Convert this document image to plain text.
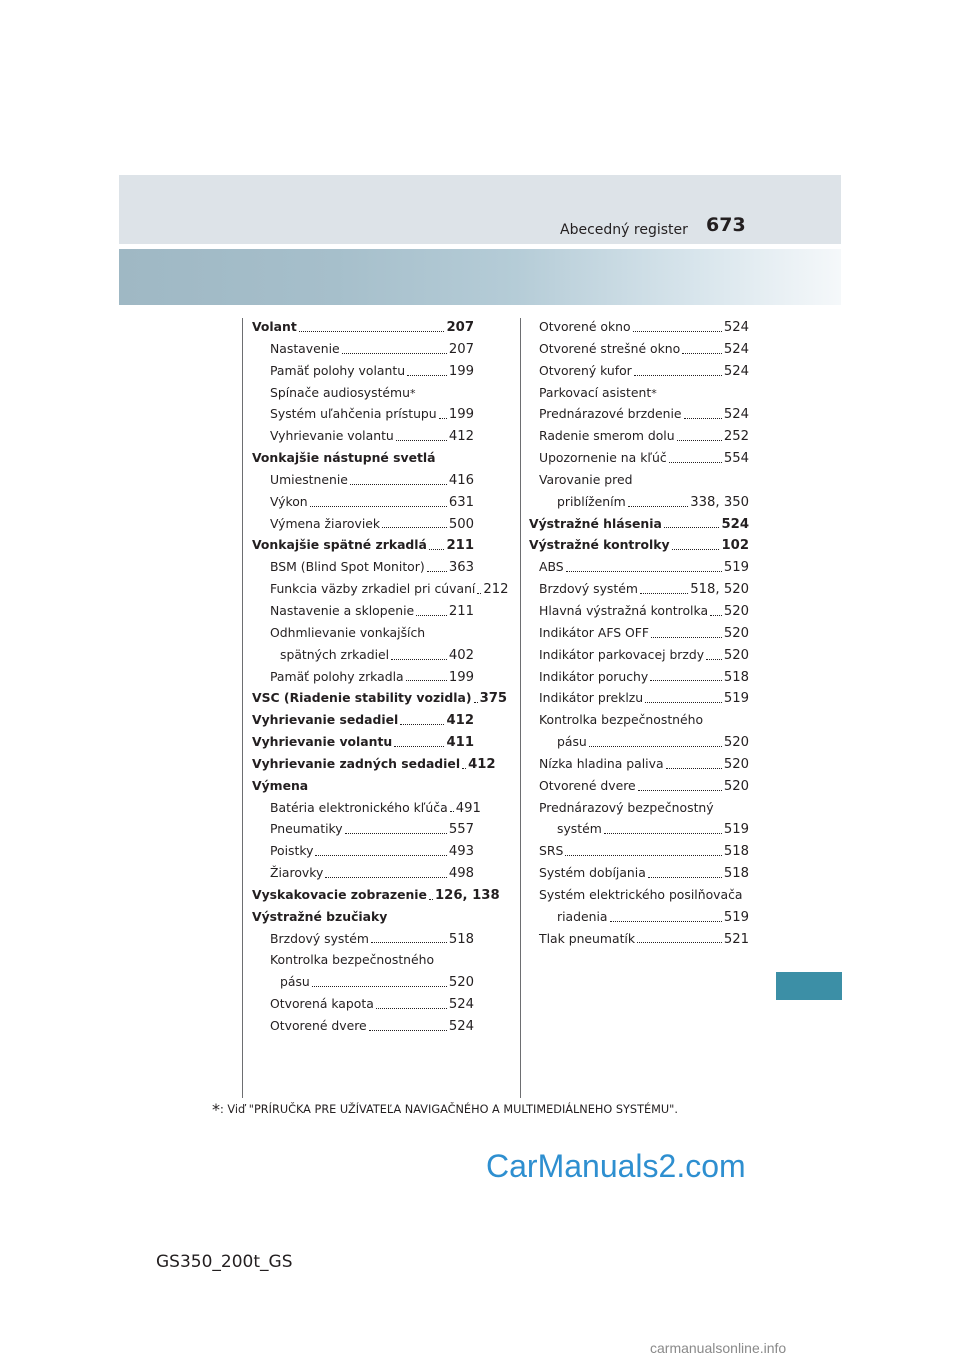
Abecedný register 673
Volant	207
Nastavenie	207
Pamäť polohy volantu	199
Spínače audiosystému *
Systém uľahčenia prístupu 199
Vyhrievanie volantu	412
Vonkajšie nástupné svetlá
Umiestnenie	416
Výkon	631
Výmena žiaroviek	500
Vonkajšie spätné zrkadlá 211
BSM (Blind Spot Monitor) 363
Funkcia väzby zrkadiel pri cúvaní 212
Nastavenie a sklopenie	211
Odhmlievanie vonkajších
spätných zrkadiel	402
Pamäť polohy zrkadla	199
VSC (Riadenie stability vozidla) 375
Vyhrievanie sedadiel	412
Vyhrievanie volantu	411
Vyhrievanie zadných sedadiel 412
Výmena
Batéria elektronického kľúča 491
Pneumatiky	557
Poistky	493
Žiarovky	498
Vyskakovacie zobrazenie 126, 138
Výstražné bzučiaky
Brzdový systém	518
Kontrolka bezpečnostného
pásu	520
Otvorená kapota	524
Otvorené dvere	524
Otvorené okno	524
Otvorené strešné okno	524
Otvorený kufor	524
Parkovací asistent *
Prednárazové brzdenie	524
Radenie smerom dolu	252
Upozornenie na kľúč	554
Varovanie pred
priblížením	338, 350
Výstražné hlásenia	524
Výstražné kontrolky	102
ABS	519
Brzdový systém	518, 520
Hlavná výstražná kontrolka 520
Indikátor AFS OFF	520
Indikátor parkovacej brzdy 520
Indikátor poruchy	518
Indikátor preklzu	519
Kontrolka bezpečnostného
pásu	520
Nízka hladina paliva	520
Otvorené dvere	520
Prednárazový bezpečnostný
systém	519
SRS	518
Systém dobíjania	518
Systém elektrického posilňovača
riadenia	519
Tlak pneumatík	521
*: Viď "PRÍRUČKA PRE UŽÍVATEĽA NAVIGAČNÉHO A MULTIMEDIÁLNEHO SYSTÉMU".
CarManuals2.com
GS350_200t_GS
carmanualsonline.info
